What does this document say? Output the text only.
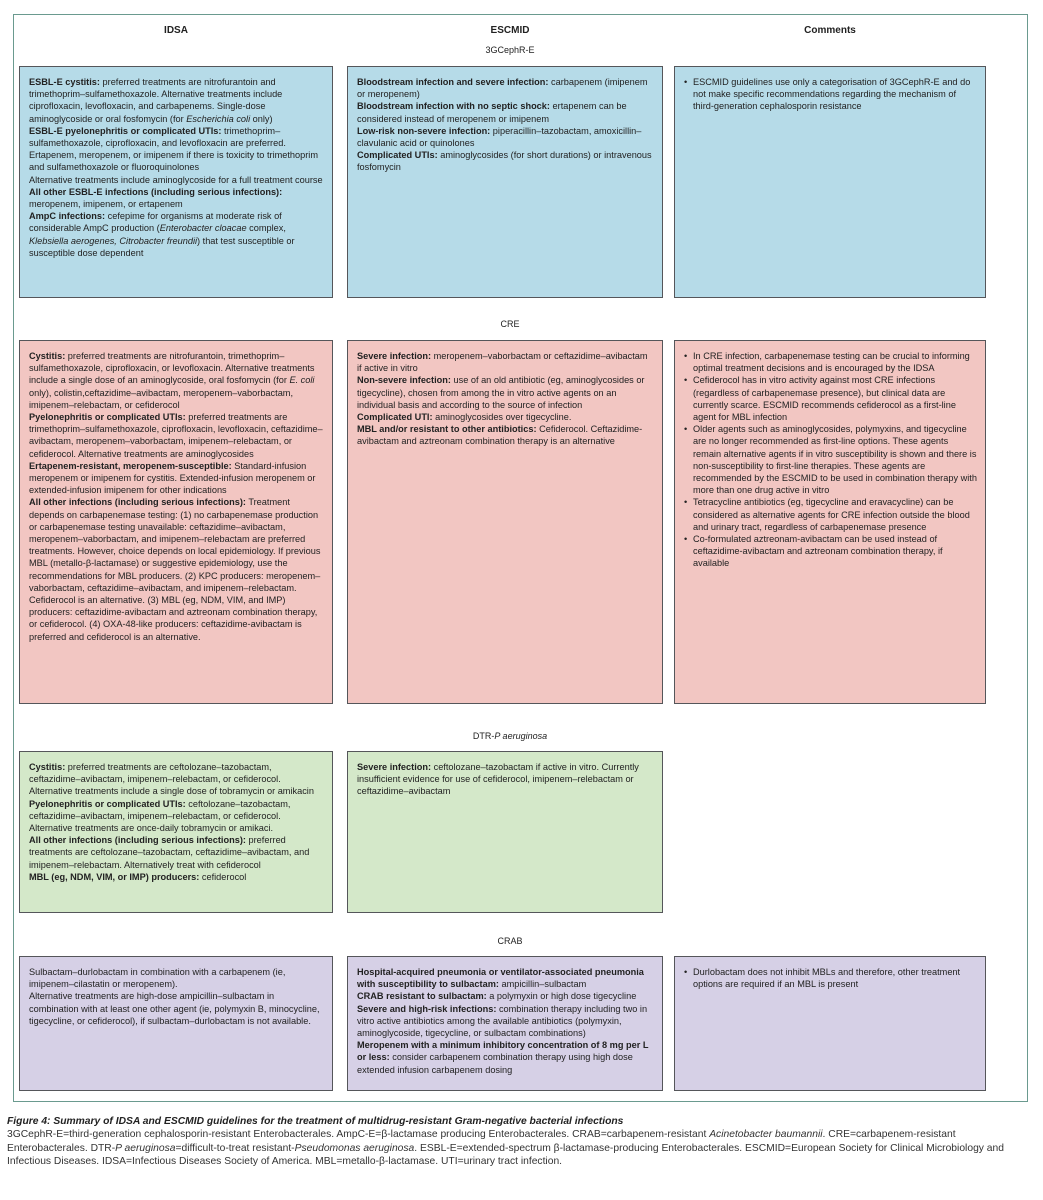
IDSA	ESCMID	Comments
3GCephR-E

ESBL-E cystitis: preferred treatments are nitrofurantoin and trimethoprim–sulfamethoxazole. Alternative treatments include ciprofloxacin, levofloxacin, and carbapenems. Single-dose aminoglycoside or oral fosfomycin (for Escherichia coli only)

ESBL-E pyelonephritis or complicated UTIs: trimethoprim–sulfamethoxazole, ciprofloxacin, and levofloxacin are preferred. Ertapenem, meropenem, or imipenem if there is toxicity to trimethoprim and sulfamethoxazole or fluoroquinolones

Alternative treatments include aminoglycoside for a full treatment course

All other ESBL-E infections (including serious infections): meropenem, imipenem, or ertapenem

AmpC infections: cefepime for organisms at moderate risk of considerable AmpC production (Enterobacter cloacae complex, Klebsiella aerogenes, Citrobacter freundii) that test susceptible or susceptible dose dependent

Bloodstream infection and severe infection: carbapenem (imipenem or meropenem)

Bloodstream infection with no septic shock: ertapenem can be considered instead of meropenem or imipenem

Low-risk non-severe infection: piperacillin–tazobactam, amoxicillin–clavulanic acid or quinolones

Complicated UTIs: aminoglycosides (for short durations) or intravenous fosfomycin

• ESCMID guidelines use only a categorisation of 3GCephR-E and do not make specific recommendations regarding the mechanism of third-generation cephalosporin resistance
CRE

Cystitis: preferred treatments are nitrofurantoin, trimethoprim–sulfamethoxazole, ciprofloxacin, or levofloxacin. Alternative treatments include a single dose of an aminoglycoside, oral fosfomycin (for E. coli only), colistin,ceftazidime–avibactam, meropenem–vaborbactam, imipenem–relebactam, or cefiderocol

Pyelonephritis or complicated UTIs: preferred treatments are trimethoprim–sulfamethoxazole, ciprofloxacin, levofloxacin, ceftazidime–avibactam, meropenem–vaborbactam, imipenem–relebactam, or cefiderocol. Alternative treatments are aminoglycosides

Ertapenem-resistant, meropenem-susceptible: Standard-infusion meropenem or imipenem for cystitis. Extended-infusion meropenem or extended-infusion imipenem for other indications

All other infections (including serious infections): Treatment depends on carbapenemase testing: (1) no carbapenemase production or carbapenemase testing unavailable: ceftazidime–avibactam, meropenem–vaborbactam, and imipenem–relebactam are preferred treatments. However, choice depends on local epidemiology. If previous MBL (metallo-β-lactamase) or suggestive epidemiology, use the recommendations for MBL producers. (2) KPC producers: meropenem–vaborbactam, ceftazidime–avibactam, and imipenem–relebactam. Cefiderocol is an alternative. (3) MBL (eg, NDM, VIM, and IMP) producers: ceftazidime-avibactam and aztreonam combination therapy, or cefiderocol. (4) OXA-48-like producers: ceftazidime-avibactam is preferred and cefiderocol is an alternative.

Severe infection: meropenem–vaborbactam or ceftazidime–avibactam if active in vitro

Non-severe infection: use of an old antibiotic (eg, aminoglycosides or tigecycline), chosen from among the in vitro active agents on an individual basis and according to the source of infection

Complicated UTI: aminoglycosides over tigecycline.

MBL and/or resistant to other antibiotics: Cefiderocol. Ceftazidime-avibactam and aztreonam combination therapy is an alternative

• In CRE infection, carbapenemase testing can be crucial to informing optimal treatment decisions and is encouraged by the IDSA
• Cefiderocol has in vitro activity against most CRE infections (regardless of carbapenemase presence), but clinical data are currently scarce. ESCMID recommends cefiderocol as a first-line agent for MBL infection
• Older agents such as aminoglycosides, polymyxins, and tigecycline are no longer recommended as first-line options. These agents remain alternative agents if in vitro susceptibility is shown and there is non-susceptibility to first-line therapies. These agents are recommended by the ESCMID to be used in combination therapy with more than one drug active in vitro
• Tetracycline antibiotics (eg, tigecycline and eravacycline) can be considered as alternative agents for CRE infection outside the blood and urinary tract, regardless of carbapenemase presence
• Co-formulated aztreonam-avibactam can be used instead of ceftazidime-avibactam and aztreonam combination therapy, if available
DTR-P aeruginosa

Cystitis: preferred treatments are ceftolozane–tazobactam, ceftazidime–avibactam, imipenem–relebactam, or cefiderocol. Alternative treatments include a single dose of tobramycin or amikacin

Pyelonephritis or complicated UTIs: ceftolozane–tazobactam, ceftazidime–avibactam, imipenem–relebactam, or cefiderocol. Alternative treatments are once-daily tobramycin or amikaci.

All other infections (including serious infections): preferred treatments are ceftolozane–tazobactam, ceftazidime–avibactam, and imipenem–relebactam. Alternatively treat with cefiderocol

MBL (eg, NDM, VIM, or IMP) producers: cefiderocol

Severe infection: ceftolozane–tazobactam if active in vitro. Currently insufficient evidence for use of cefiderocol, imipenem–relebactam or ceftazidime–avibactam

CRAB

Sulbactam–durlobactam in combination with a carbapenem (ie, imipenem–cilastatin or meropenem).

Alternative treatments are high-dose ampicillin–sulbactam in combination with at least one other agent (ie, polymyxin B, minocycline, tigecycline, or cefiderocol), if sulbactam–durlobactam is not available.

Hospital-acquired pneumonia or ventilator-associated pneumonia with susceptibility to sulbactam: ampicillin–sulbactam

CRAB resistant to sulbactam: a polymyxin or high dose tigecycline

Severe and high-risk infections: combination therapy including two in vitro active antibiotics among the available antibiotics (polymyxin, aminoglycoside, tigecycline, or sulbactam combinations)

Meropenem with a minimum inhibitory concentration of 8 mg per L or less: consider carbapenem combination therapy using high dose extended infusion carbapenem dosing

• Durlobactam does not inhibit MBLs and therefore, other treatment options are required if an MBL is present
Figure 4: Summary of IDSA and ESCMID guidelines for the treatment of multidrug-resistant Gram-negative bacterial infections
3GCephR-E=third-generation cephalosporin-resistant Enterobacterales. AmpC-E=β-lactamase producing Enterobacterales. CRAB=carbapenem-resistant Acinetobacter baumannii. CRE=carbapenem-resistant Enterobacterales. DTR-P aeruginosa=difficult-to-treat resistant-Pseudomonas aeruginosa. ESBL-E=extended-spectrum β-lactamase-producing Enterobacterales. ESCMID=European Society for Clinical Microbiology and Infectious Diseases. IDSA=Infectious Diseases Society of America. MBL=metallo-β-lactamase. UTI=urinary tract infection.
